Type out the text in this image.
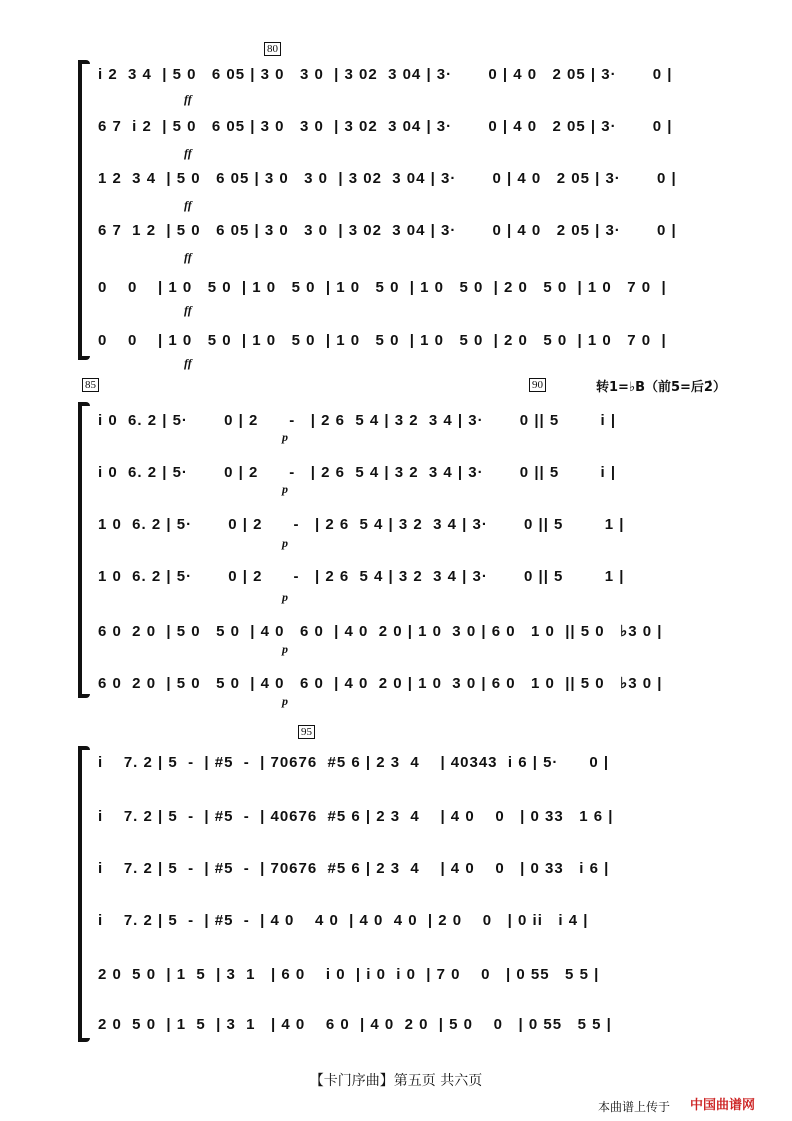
i 2  3 4  | 5 0   6 05 | 3 0   3 0  | 3 02  3 04 | 3·       0 | 4 0   2 05 | 3·       0 |
6 7  i 2  | 5 0   6 05 | 3 0   3 0  | 3 02  3 04 | 3·       0 | 4 0   2 05 | 3·       0 |
1 2  3 4  | 5 0   6 05 | 3 0   3 0  | 3 02  3 04 | 3·       0 | 4 0   2 05 | 3·       0 |
6 7  1 2  | 5 0   6 05 | 3 0   3 0  | 3 02  3 04 | 3·       0 | 4 0   2 05 | 3·       0 |
0    0    | 1 0   5 0  | 1 0   5 0  | 1 0   5 0  | 1 0   5 0  | 2 0   5 0  | 1 0   7 0  |
0    0    | 1 0   5 0  | 1 0   5 0  | 1 0   5 0  | 1 0   5 0  | 2 0   5 0  | 1 0   7 0  |
80
ff
ff
ff
ff
ff
ff
85	90	转1=♭B（前5=后2̇）
i 0  6. 2 | 5·       0 | 2      -   | 2 6  5 4 | 3 2  3 4 | 3·       0 || 5        i |
i 0  6. 2 | 5·       0 | 2      -   | 2 6  5 4 | 3 2  3 4 | 3·       0 || 5        i |
1 0  6. 2 | 5·       0 | 2      -   | 2 6  5 4 | 3 2  3 4 | 3·       0 || 5        1 |
1 0  6. 2 | 5·       0 | 2      -   | 2 6  5 4 | 3 2  3 4 | 3·       0 || 5        1 |
6 0  2 0  | 5 0   5 0  | 4 0   6 0  | 4 0  2 0 | 1 0  3 0 | 6 0   1 0  || 5 0   ♭3 0 |
6 0  2 0  | 5 0   5 0  | 4 0   6 0  | 4 0  2 0 | 1 0  3 0 | 6 0   1 0  || 5 0   ♭3 0 |
p
p
p
p
p
p
95
i    7. 2 | 5  -  | #5  -  | 70676  #5 6 | 2 3  4    | 40343  i 6 | 5·      0 |
i    7. 2 | 5  -  | #5  -  | 40676  #5 6 | 2 3  4    | 4 0    0   | 0 33   1 6 |
i    7. 2 | 5  -  | #5  -  | 70676  #5 6 | 2 3  4    | 4 0    0   | 0 33   i 6 |
i    7. 2 | 5  -  | #5  -  | 4 0    4 0  | 4 0  4 0  | 2 0    0   | 0 ii   i 4 |
2 0  5 0  | 1  5  | 3  1   | 6 0    i 0  | i 0  i 0  | 7 0    0   | 0 55   5 5 |
2 0  5 0  | 1  5  | 3  1   | 4 0    6 0  | 4 0  2 0  | 5 0    0   | 0 55   5 5 |
【卡门序曲】第五页 共六页
本曲谱上传于 中国曲谱网
